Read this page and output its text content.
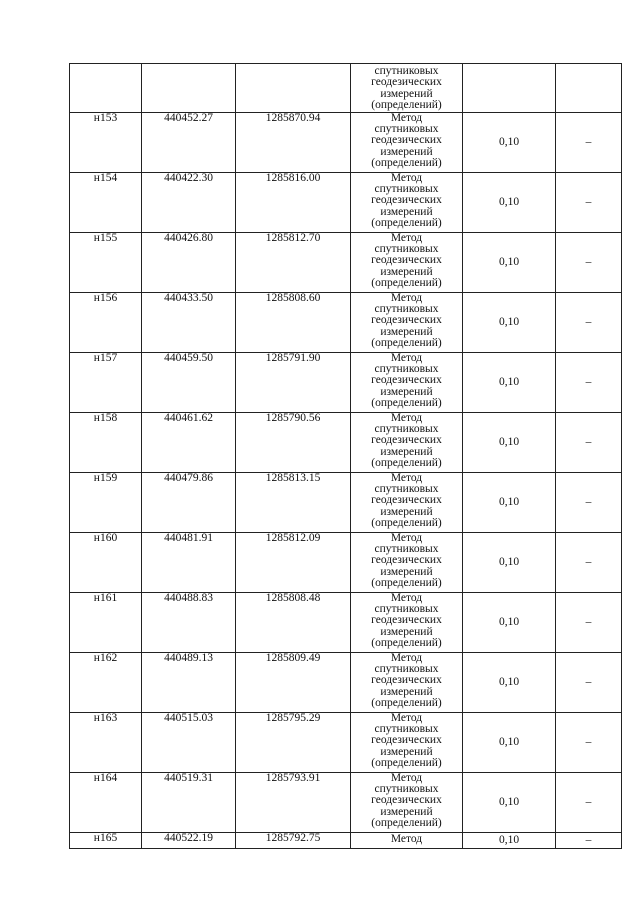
			спутниковых
геодезических
измерений
(определений)		

н153	440452.27	1285870.94	Метод
спутниковых
геодезических
измерений
(определений)	0,10	–
н154	440422.30	1285816.00	Метод
спутниковых
геодезических
измерений
(определений)	0,10	–
н155	440426.80	1285812.70	Метод
спутниковых
геодезических
измерений
(определений)	0,10	–
н156	440433.50	1285808.60	Метод
спутниковых
геодезических
измерений
(определений)	0,10	–
н157	440459.50	1285791.90	Метод
спутниковых
геодезических
измерений
(определений)	0,10	–
н158	440461.62	1285790.56	Метод
спутниковых
геодезических
измерений
(определений)	0,10	–
н159	440479.86	1285813.15	Метод
спутниковых
геодезических
измерений
(определений)	0,10	–
н160	440481.91	1285812.09	Метод
спутниковых
геодезических
измерений
(определений)	0,10	–
н161	440488.83	1285808.48	Метод
спутниковых
геодезических
измерений
(определений)	0,10	–
н162	440489.13	1285809.49	Метод
спутниковых
геодезических
измерений
(определений)	0,10	–
н163	440515.03	1285795.29	Метод
спутниковых
геодезических
измерений
(определений)	0,10	–
н164	440519.31	1285793.91	Метод
спутниковых
геодезических
измерений
(определений)	0,10	–
н165	440522.19	1285792.75	Метод	0,10	–
